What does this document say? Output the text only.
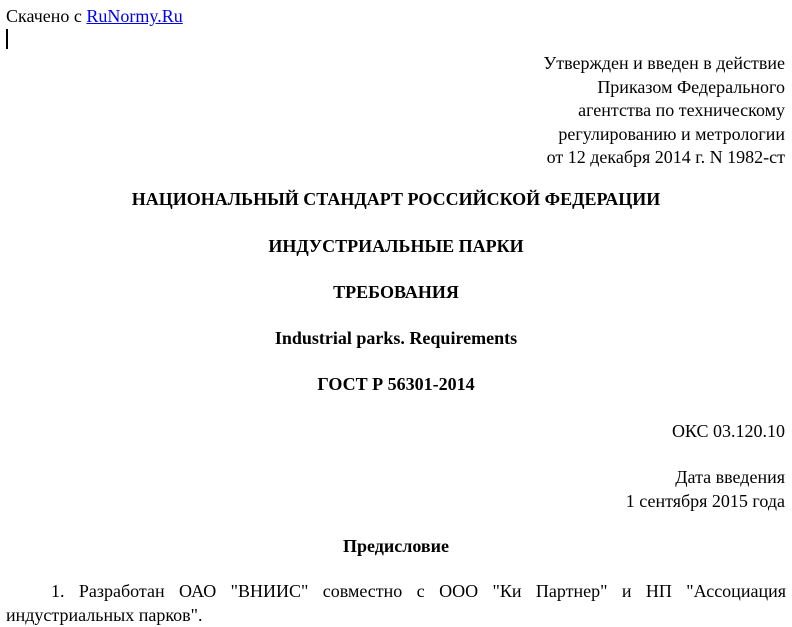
Скачено с RuNormy.Ru
Утвержден и введен в действие
Приказом Федерального
агентства по техническому
регулированию и метрологии
от 12 декабря 2014 г. N 1982-ст
НАЦИОНАЛЬНЫЙ СТАНДАРТ РОССИЙСКОЙ ФЕДЕРАЦИИ
ИНДУСТРИАЛЬНЫЕ ПАРКИ
ТРЕБОВАНИЯ
Industrial parks. Requirements
ГОСТ Р 56301-2014
ОКС 03.120.10
Дата введения
1 сентября 2015 года
Предисловие
1. Разработан ОАО "ВНИИС" совместно с ООО "Ки Партнер" и НП "Ассоциация
индустриальных парков".
